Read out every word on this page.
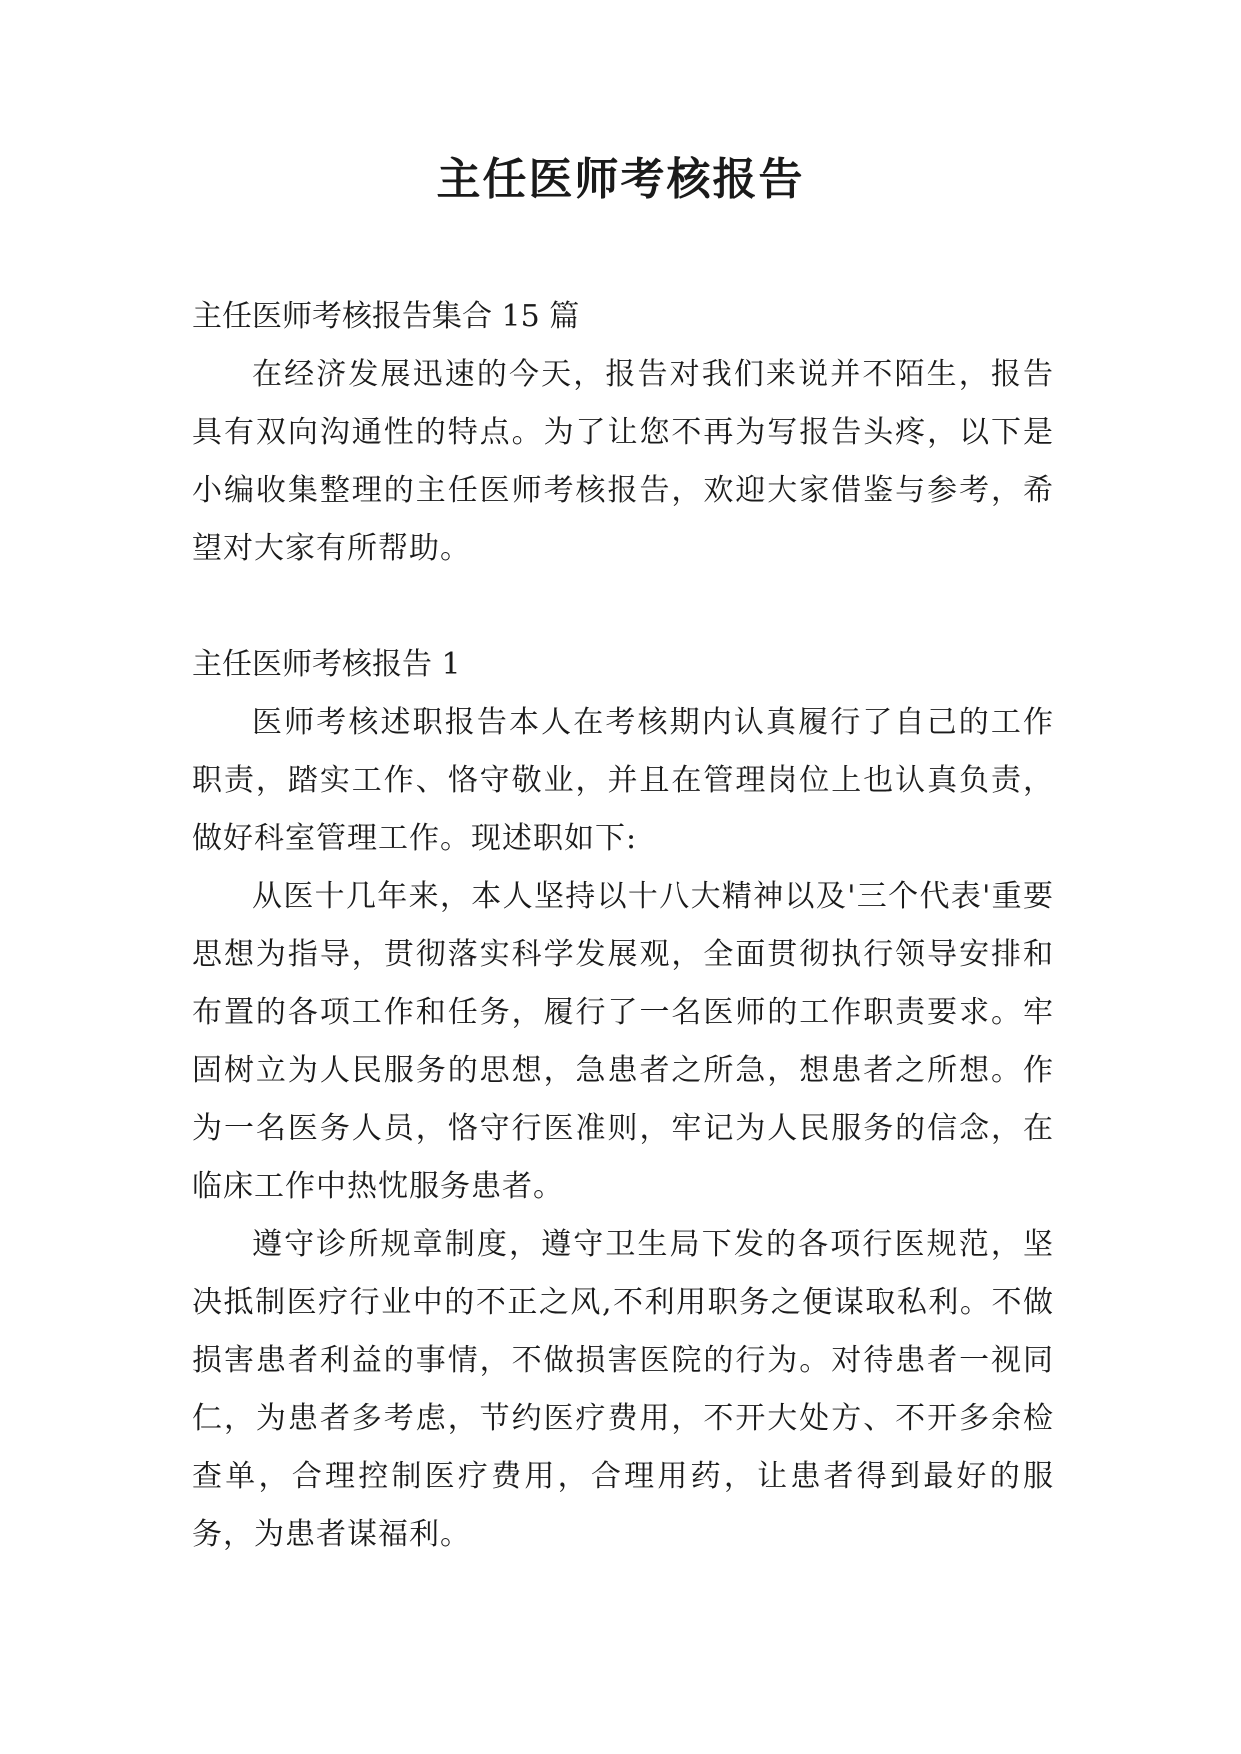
主任医师考核报告

主任医师考核报告集合 15 篇

在经济发展迅速的今天，报告对我们来说并不陌生，报告具有双向沟通性的特点。为了让您不再为写报告头疼，以下是小编收集整理的主任医师考核报告，欢迎大家借鉴与参考，希望对大家有所帮助。

主任医师考核报告 1

医师考核述职报告本人在考核期内认真履行了自己的工作职责，踏实工作、恪守敬业，并且在管理岗位上也认真负责，做好科室管理工作。现述职如下:

从医十几年来，本人坚持以十八大精神以及'三个代表'重要思想为指导，贯彻落实科学发展观，全面贯彻执行领导安排和布置的各项工作和任务，履行了一名医师的工作职责要求。牢固树立为人民服务的思想，急患者之所急，想患者之所想。作为一名医务人员，恪守行医准则，牢记为人民服务的信念，在临床工作中热忱服务患者。

遵守诊所规章制度，遵守卫生局下发的各项行医规范，坚决抵制医疗行业中的不正之风,不利用职务之便谋取私利。不做损害患者利益的事情，不做损害医院的行为。对待患者一视同仁，为患者多考虑，节约医疗费用，不开大处方、不开多余检查单，合理控制医疗费用，合理用药，让患者得到最好的服务，为患者谋福利。
